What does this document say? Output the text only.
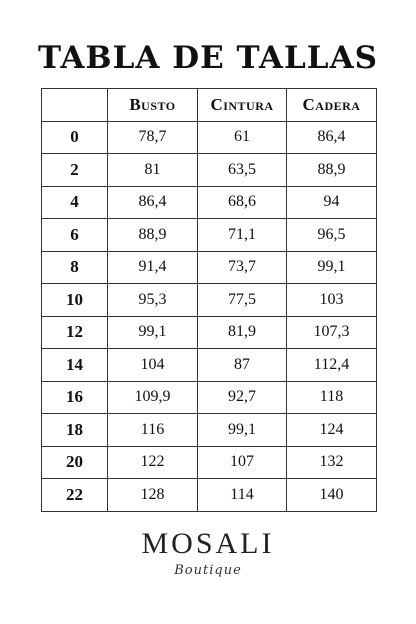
TABLA DE TALLAS
	Busto	Cintura	Cadera
0	78,7	61	86,4
2	81	63,5	88,9
4	86,4	68,6	94
6	88,9	71,1	96,5
8	91,4	73,7	99,1
10	95,3	77,5	103
12	99,1	81,9	107,3
14	104	87	112,4
16	109,9	92,7	118
18	116	99,1	124
20	122	107	132
22	128	114	140
MOSALI
Boutique
